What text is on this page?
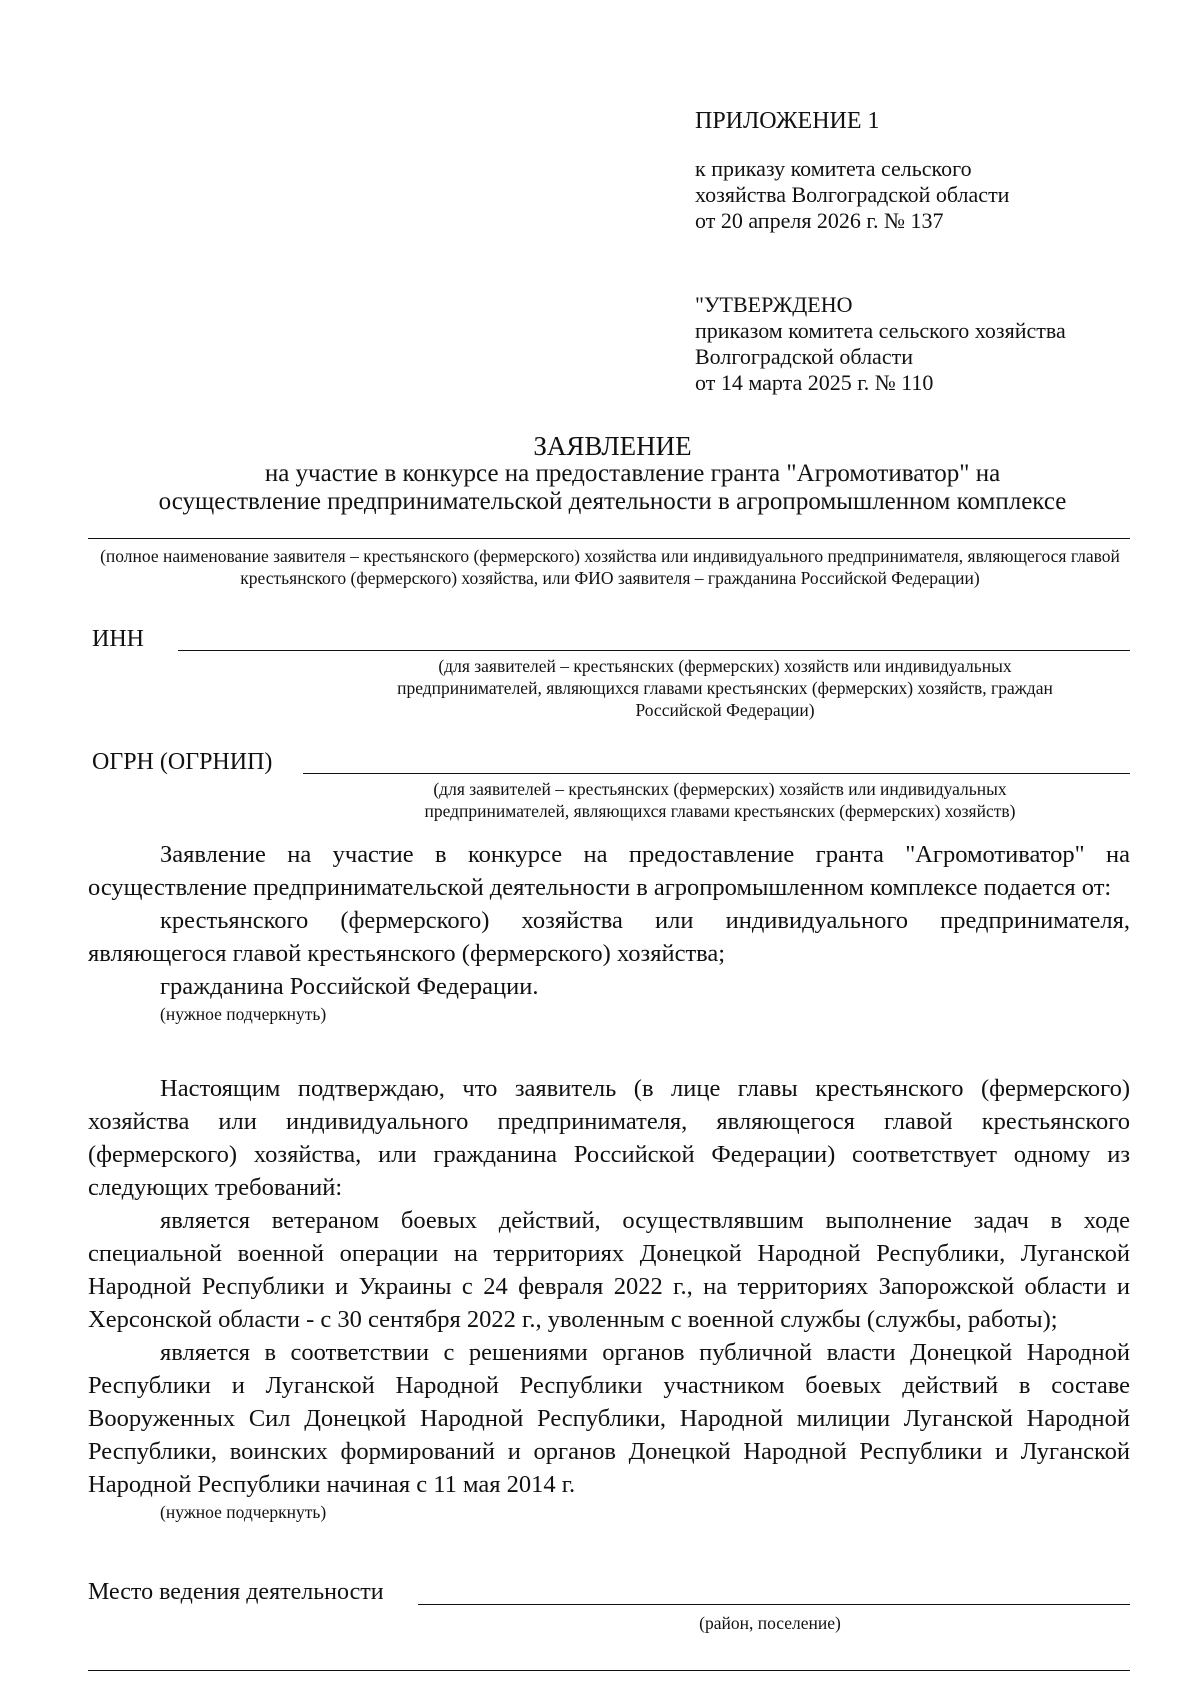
ПРИЛОЖЕНИЕ 1
к приказу комитета сельского
хозяйства Волгоградской области
от 20 апреля 2026 г. № 137
"УТВЕРЖДЕНО
приказом комитета сельского хозяйства
Волгоградской области
от 14 марта 2025 г. № 110
ЗАЯВЛЕНИЕ
на участие в конкурсе на предоставление гранта "Агромотиватор" на
осуществление предпринимательской деятельности в агропромышленном комплексе
(полное наименование заявителя – крестьянского (фермерского) хозяйства или индивидуального предпринимателя, являющегося главой крестьянского (фермерского) хозяйства, или ФИО заявителя – гражданина Российской Федерации)
ИНН
(для заявителей – крестьянских (фермерских) хозяйств или индивидуальных предпринимателей, являющихся главами крестьянских (фермерских) хозяйств, граждан Российской Федерации)
ОГРН (ОГРНИП)
(для заявителей – крестьянских (фермерских) хозяйств или индивидуальных предпринимателей, являющихся главами крестьянских (фермерских) хозяйств)

Заявление на участие в конкурсе на предоставление гранта "Агромотиватор" на осуществление предпринимательской деятельности в агропромышленном комплексе подается от:

крестьянского (фермерского) хозяйства или индивидуального предпринимателя, являющегося главой крестьянского (фермерского) хозяйства;

гражданина Российской Федерации.

(нужное подчеркнуть)

Настоящим подтверждаю, что заявитель (в лице главы крестьянского (фермерского) хозяйства или индивидуального предпринимателя, являющегося главой крестьянского (фермерского) хозяйства, или гражданина Российской Федерации) соответствует одному из следующих требований:

является ветераном боевых действий, осуществлявшим выполнение задач в ходе специальной военной операции на территориях Донецкой Народной Республики, Луганской Народной Республики и Украины с 24 февраля 2022 г., на территориях Запорожской области и Херсонской области - с 30 сентября 2022 г., уволенным с военной службы (службы, работы);

является в соответствии с решениями органов публичной власти Донецкой Народной Республики и Луганской Народной Республики участником боевых действий в составе Вооруженных Сил Донецкой Народной Республики, Народной милиции Луганской Народной Республики, воинских формирований и органов Донецкой Народной Республики и Луганской Народной Республики начиная с 11 мая 2014 г.

(нужное подчеркнуть)

Место ведения деятельности
(район, поселение)
